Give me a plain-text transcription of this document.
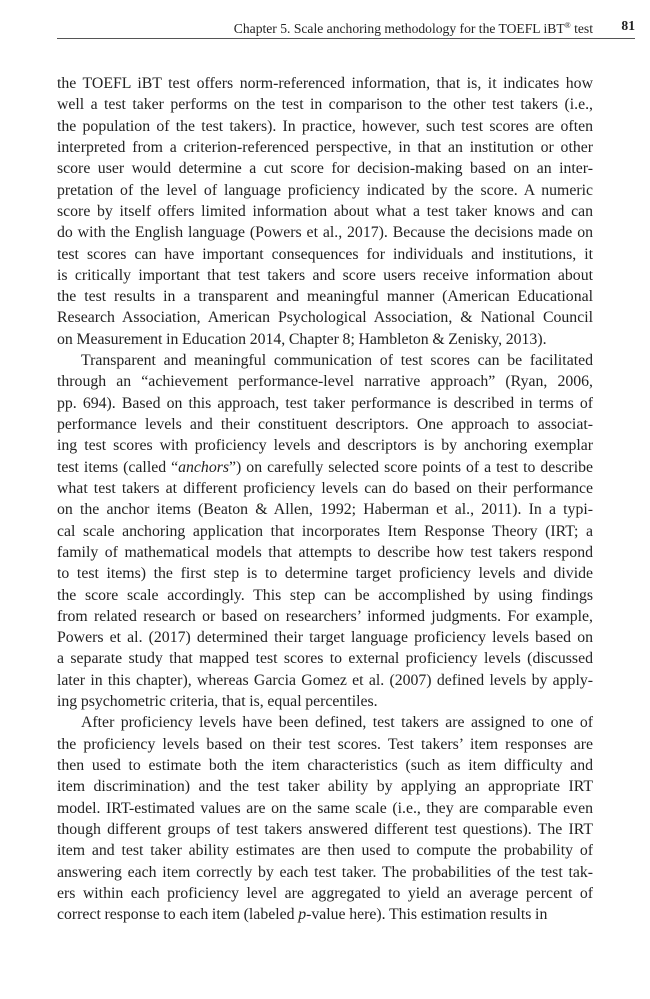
Chapter 5. Scale anchoring methodology for the TOEFL iBT® test 81
the TOEFL iBT test offers norm-referenced information, that is, it indicates how
well a test taker performs on the test in comparison to the other test takers (i.e.,
the population of the test takers). In practice, however, such test scores are often
interpreted from a criterion-referenced perspective, in that an institution or other
score user would determine a cut score for decision-making based on an inter-
pretation of the level of language proficiency indicated by the score. A numeric
score by itself offers limited information about what a test taker knows and can
do with the English language (Powers et al., 2017). Because the decisions made on
test scores can have important consequences for individuals and institutions, it
is critically important that test takers and score users receive information about
the test results in a transparent and meaningful manner (American Educational
Research Association, American Psychological Association, & National Council
on Measurement in Education 2014, Chapter 8; Hambleton & Zenisky, 2013).
Transparent and meaningful communication of test scores can be facilitated
through an “achievement performance-level narrative approach” (Ryan, 2006,
pp. 694). Based on this approach, test taker performance is described in terms of
performance levels and their constituent descriptors. One approach to associat-
ing test scores with proficiency levels and descriptors is by anchoring exemplar
test items (called “anchors”) on carefully selected score points of a test to describe
what test takers at different proficiency levels can do based on their performance
on the anchor items (Beaton & Allen, 1992; Haberman et al., 2011). In a typi-
cal scale anchoring application that incorporates Item Response Theory (IRT; a
family of mathematical models that attempts to describe how test takers respond
to test items) the first step is to determine target proficiency levels and divide
the score scale accordingly. This step can be accomplished by using findings
from related research or based on researchers’ informed judgments. For example,
Powers et al. (2017) determined their target language proficiency levels based on
a separate study that mapped test scores to external proficiency levels (discussed
later in this chapter), whereas Garcia Gomez et al. (2007) defined levels by apply-
ing psychometric criteria, that is, equal percentiles.
After proficiency levels have been defined, test takers are assigned to one of
the proficiency levels based on their test scores. Test takers’ item responses are
then used to estimate both the item characteristics (such as item difficulty and
item discrimination) and the test taker ability by applying an appropriate IRT
model. IRT-estimated values are on the same scale (i.e., they are comparable even
though different groups of test takers answered different test questions). The IRT
item and test taker ability estimates are then used to compute the probability of
answering each item correctly by each test taker. The probabilities of the test tak-
ers within each proficiency level are aggregated to yield an average percent of
correct response to each item (labeled p-value here). This estimation results in
